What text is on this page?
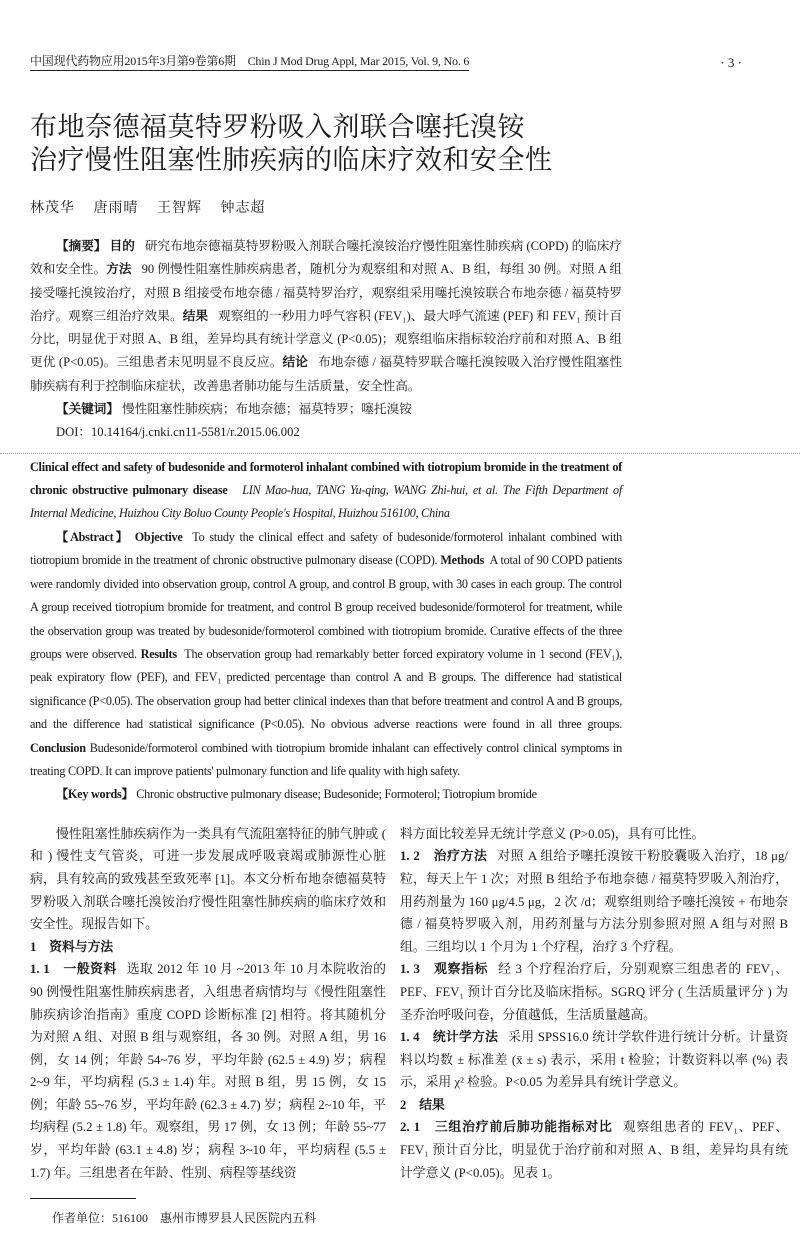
中国现代药物应用2015年3月第9卷第6期　Chin J Mod Drug Appl, Mar 2015, Vol. 9, No. 6	· 3 ·
布地奈德福莫特罗粉吸入剂联合噻托溴铵
治疗慢性阻塞性肺疾病的临床疗效和安全性
林茂华 唐雨晴 王智辉 钟志超
【摘要】 目的 研究布地奈德福莫特罗粉吸入剂联合噻托溴铵治疗慢性阻塞性肺疾病 (COPD) 的临床疗效和安全性。方法 90 例慢性阻塞性肺疾病患者，随机分为观察组和对照 A、B 组，每组 30 例。对照 A 组接受噻托溴铵治疗，对照 B 组接受布地奈德 / 福莫特罗治疗，观察组采用噻托溴铵联合布地奈德 / 福莫特罗治疗。观察三组治疗效果。结果 观察组的一秒用力呼气容积 (FEV₁)、最大呼气流速 (PEF) 和 FEV₁ 预计百分比，明显优于对照 A、B 组，差异均具有统计学意义 (P<0.05)；观察组临床指标较治疗前和对照 A、B 组更优 (P<0.05)。三组患者未见明显不良反应。结论 布地奈德 / 福莫特罗联合噻托溴铵吸入治疗慢性阻塞性肺疾病有利于控制临床症状，改善患者肺功能与生活质量，安全性高。
【关键词】 慢性阻塞性肺疾病；布地奈德；福莫特罗；噻托溴铵
DOI：10.14164/j.cnki.cn11-5581/r.2015.06.002
Clinical effect and safety of budesonide and formoterol inhalant combined with tiotropium bromide in the treatment of chronic obstructive pulmonary disease LIN Mao-hua, TANG Yu-qing, WANG Zhi-hui, et al. The Fifth Department of Internal Medicine, Huizhou City Boluo County People's Hospital, Huizhou 516100, China
【Abstract】 Objective To study the clinical effect and safety of budesonide/formoterol inhalant combined with tiotropium bromide in the treatment of chronic obstructive pulmonary disease (COPD). Methods A total of 90 COPD patients were randomly divided into observation group, control A group, and control B group, with 30 cases in each group. The control A group received tiotropium bromide for treatment, and control B group received budesonide/formoterol for treatment, while the observation group was treated by budesonide/formoterol combined with tiotropium bromide. Curative effects of the three groups were observed. Results The observation group had remarkably better forced expiratory volume in 1 second (FEV₁), peak expiratory flow (PEF), and FEV₁ predicted percentage than control A and B groups. The difference had statistical significance (P<0.05). The observation group had better clinical indexes than that before treatment and control A and B groups, and the difference had statistical significance (P<0.05). No obvious adverse reactions were found in all three groups. Conclusion Budesonide/formoterol combined with tiotropium bromide inhalant can effectively control clinical symptoms in treating COPD. It can improve patients' pulmonary function and life quality with high safety.
【Key words】 Chronic obstructive pulmonary disease; Budesonide; Formoterol; Tiotropium bromide

慢性阻塞性肺疾病作为一类具有气流阻塞特征的肺气肿或 ( 和 ) 慢性支气管炎，可进一步发展成呼吸衰竭或肺源性心脏病，具有较高的致残甚至致死率 [1]。本文分析布地奈德福莫特罗粉吸入剂联合噻托溴铵治疗慢性阻塞性肺疾病的临床疗效和安全性。现报告如下。

1　资料与方法

1. 1　一般资料 选取 2012 年 10 月 ~2013 年 10 月本院收治的 90 例慢性阻塞性肺疾病患者，入组患者病情均与《慢性阻塞性肺疾病诊治指南》重度 COPD 诊断标准 [2] 相符。将其随机分为对照 A 组、对照 B 组与观察组，各 30 例。对照 A 组，男 16 例，女 14 例；年龄 54~76 岁，平均年龄 (62.5 ± 4.9) 岁；病程 2~9 年，平均病程 (5.3 ± 1.4) 年。对照 B 组，男 15 例，女 15 例；年龄 55~76 岁，平均年龄 (62.3 ± 4.7) 岁；病程 2~10 年，平均病程 (5.2 ± 1.8) 年。观察组，男 17 例，女 13 例；年龄 55~77 岁，平均年龄 (63.1 ± 4.8) 岁；病程 3~10 年，平均病程 (5.5 ± 1.7) 年。三组患者在年龄、性别、病程等基线资

作者单位：516100　惠州市博罗县人民医院内五科

料方面比较差异无统计学意义 (P>0.05)，具有可比性。

1. 2　治疗方法 对照 A 组给予噻托溴铵干粉胶囊吸入治疗，18 μg/ 粒，每天上午 1 次；对照 B 组给予布地奈德 / 福莫特罗吸入剂治疗，用药剂量为 160 μg/4.5 μg，2 次 /d；观察组则给予噻托溴铵 + 布地奈德 / 福莫特罗吸入剂，用药剂量与方法分别参照对照 A 组与对照 B 组。三组均以 1 个月为 1 个疗程，治疗 3 个疗程。

1. 3　观察指标 经 3 个疗程治疗后，分别观察三组患者的 FEV₁、PEF、FEV₁ 预计百分比及临床指标。SGRQ 评分 ( 生活质量评分 ) 为圣乔治呼吸问卷，分值越低，生活质量越高。

1. 4　统计学方法 采用 SPSS16.0 统计学软件进行统计分析。计量资料以均数 ± 标准差 (x̄ ± s) 表示，采用 t 检验；计数资料以率 (%) 表示，采用 χ² 检验。P<0.05 为差异具有统计学意义。

2　结果

2. 1　三组治疗前后肺功能指标对比 观察组患者的 FEV₁、PEF、FEV₁ 预计百分比，明显优于治疗前和对照 A、B 组，差异均具有统计学意义 (P<0.05)。见表 1。
